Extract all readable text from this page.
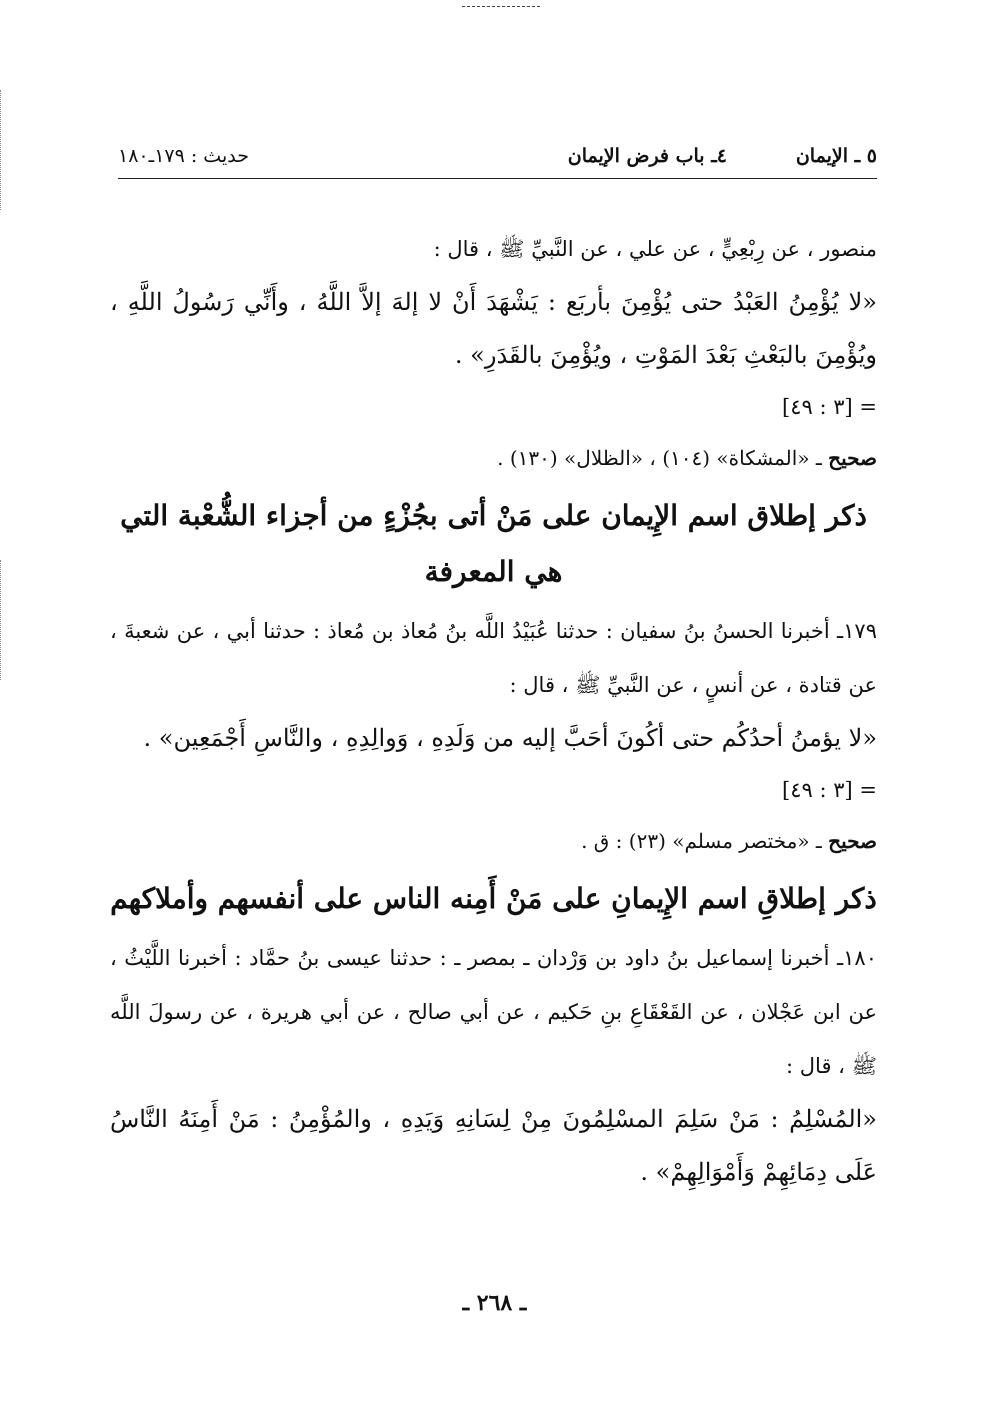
٥ ـ الإيمان
٤ـ باب فرض الإيمان
حديث : ١٧٩ـ١٨٠

منصور ، عن رِبْعِيٍّ ، عن علي ، عن النَّبيِّ ﷺ ، قال :

«لا يُؤْمِنُ العَبْدُ حتى يُؤْمِنَ بأربَع : يَشْهَدَ أَنْ لا إلهَ إلاَّ اللَّهُ ، وأَنِّي رَسُولُ اللَّهِ ، ويُؤْمِنَ بالبَعْثِ بَعْدَ المَوْتِ ، ويُؤْمِنَ بالقَدَرِ» .

= [٣ : ٤٩]

صحيح ـ «المشكاة» (١٠٤) ، «الظلال» (١٣٠) .

ذكر إطلاق اسم الإِيمان على مَنْ أتى بجُزْءٍ من أجزاء الشُّعْبة التي هي المعرفة

١٧٩ـ أخبرنا الحسنُ بنُ سفيان : حدثنا عُبَيْدُ اللَّه بنُ مُعاذ بن مُعاذ : حدثنا أبي ، عن شعبةَ ، عن قتادة ، عن أنسٍ ، عن النَّبيِّ ﷺ ، قال :

«لا يؤمنُ أحدُكُم حتى أكُونَ أحَبَّ إليه من وَلَدِهِ ، وَوالِدِهِ ، والنَّاسِ أَجْمَعِين» .

= [٣ : ٤٩]

صحيح ـ «مختصر مسلم» (٢٣) : ق .

ذكر إطلاقِ اسم الإِيمانِ على مَنْ أَمِنه الناس على أنفسهم وأملاكهم

١٨٠ـ أخبرنا إسماعيل بنُ داود بن وَرْدان ـ بمصر ـ : حدثنا عيسى بنُ حمَّاد : أخبرنا اللَّيْثُ ، عن ابن عَجْلان ، عن القَعْقَاعِ بنِ حَكيم ، عن أبي صالح ، عن أبي هريرة ، عن رسولَ اللَّه ﷺ ، قال :

«المُسْلِمُ : مَنْ سَلِمَ المسْلِمُونَ مِنْ لِسَانِهِ وَيَدِهِ ، والمُؤْمِنُ : مَنْ أَمِنَهُ النَّاسُ عَلَى دِمَائِهِمْ وَأَمْوَالِهِمْ» .

ـ ٢٦٨ ـ
